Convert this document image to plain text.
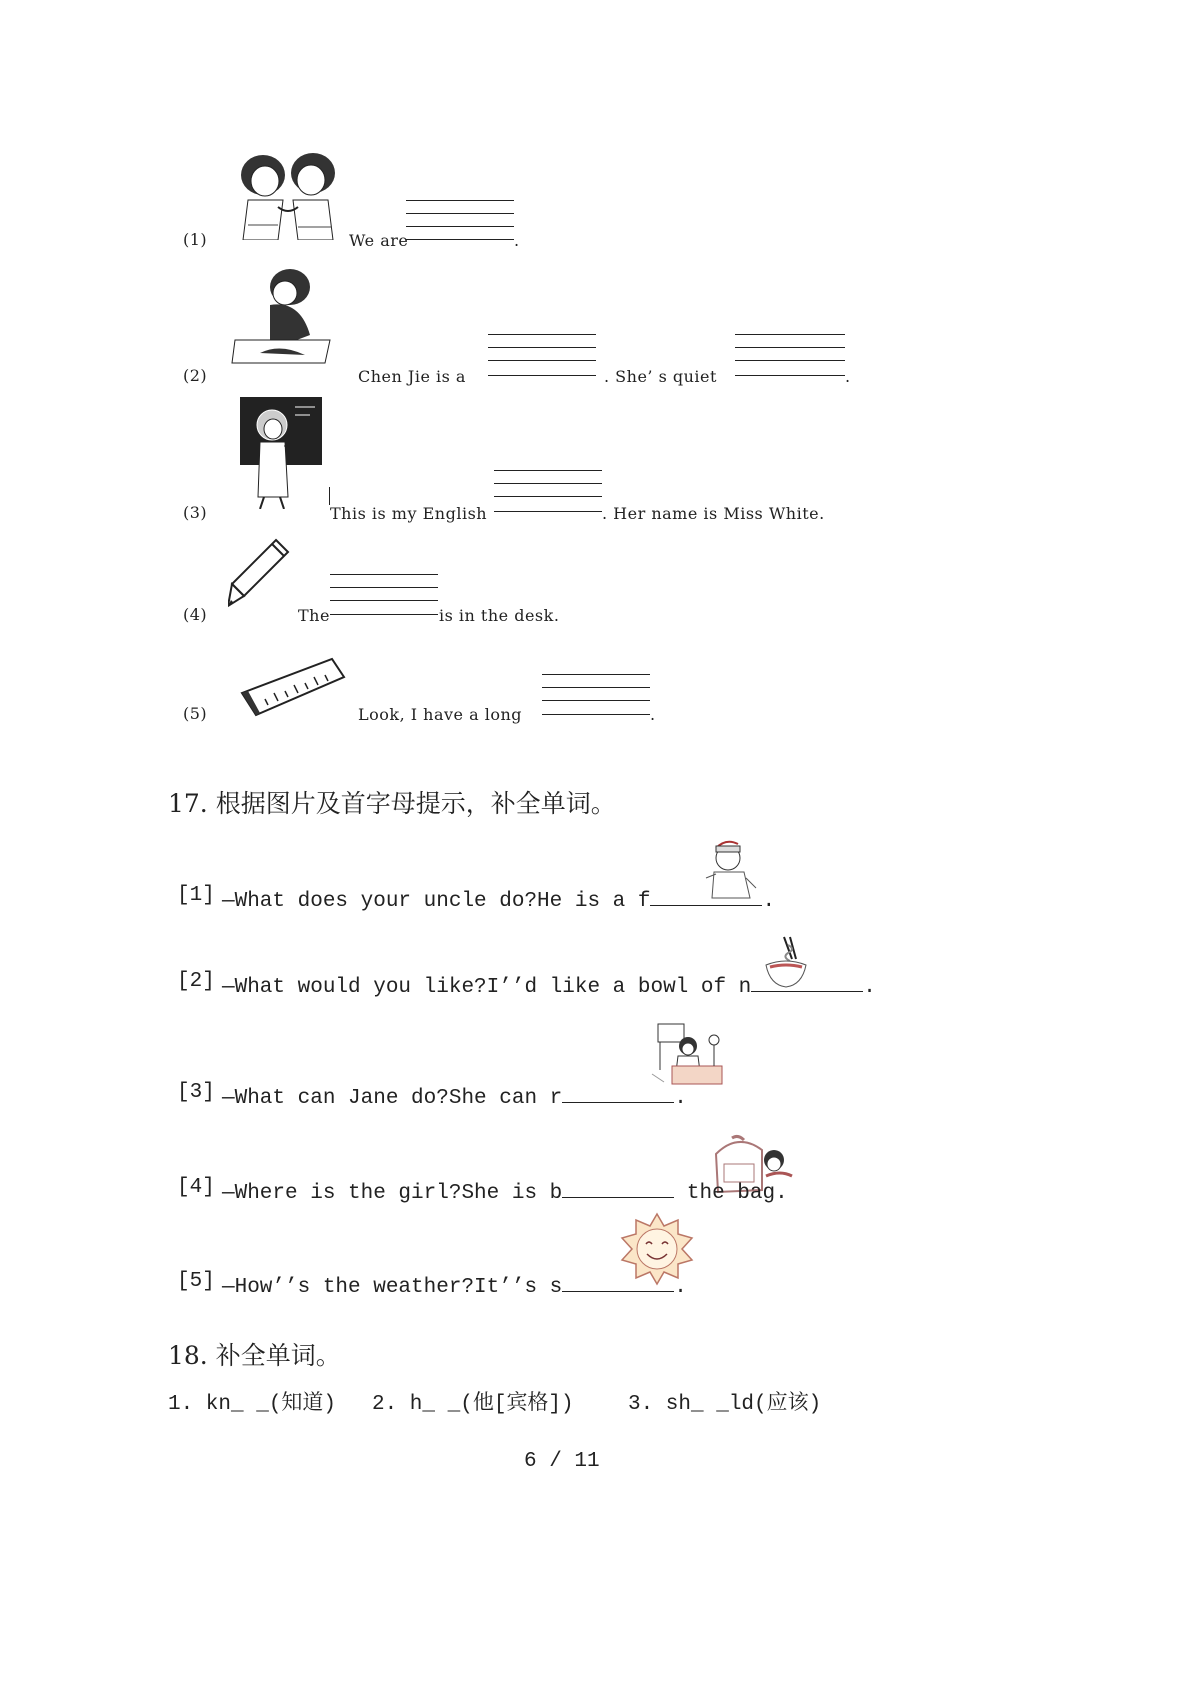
(1)	We are	.
(2)	Chen Jie is a	. She’ s quiet	.
(3)	This is my English	. Her name is Miss White.
(4)	The	is in the desk.
(5)	Look, I have a long	.
17. 根据图片及首字母提示，补全单词。
[1] —What does your uncle do?He is a f	.
[2] —What would you like?I’’d like a bowl of n	.
[3] —What can Jane do?She can r	.
[4] —Where is the girl?She is b	the bag.
[5] —How’’s the weather?It’’s s	.
18. 补全单词。
1. kn_ _(知道) 2. h_ _(他[宾格])	3. sh_ _ld(应该)
6 / 11
